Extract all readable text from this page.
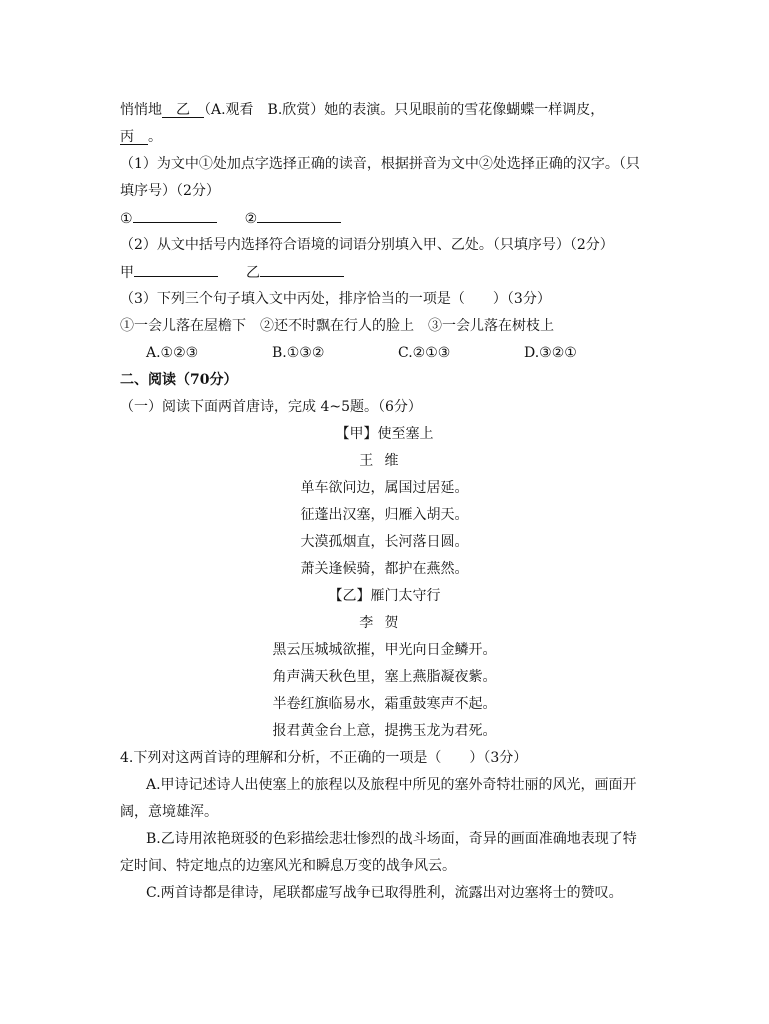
悄悄地　 乙　 （A.观看　B.欣赏）她的表演。只见眼前的雪花像蝴蝶一样调皮，
丙　 。
（1）为文中①处加点字选择正确的读音，根据拼音为文中②处选择正确的汉字。（只
填序号）（2分）
①	②
（2）从文中括号内选择符合语境的词语分别填入甲、乙处。（只填序号）（2分）
甲	乙
（3）下列三个句子填入文中丙处，排序恰当的一项是（　　）（3分）
①一会儿落在屋檐下　②还不时飘在行人的脸上　③一会儿落在树枝上
A.①②③	B.①③②	C.②①③	D.③②①
二、阅读（70分）
（一）阅读下面两首唐诗，完成 4~5题。（6分）
【甲】使至塞上
王维
单车欲问边，属国过居延。
征蓬出汉塞，归雁入胡天。
大漠孤烟直，长河落日圆。
萧关逢候骑，都护在燕然。
【乙】雁门太守行
李贺
黑云压城城欲摧，甲光向日金鳞开。
角声满天秋色里，塞上燕脂凝夜紫。
半卷红旗临易水，霜重鼓寒声不起。
报君黄金台上意，提携玉龙为君死。
4.下列对这两首诗的理解和分析，不正确的一项是（　　）（3分）
A.甲诗记述诗人出使塞上的旅程以及旅程中所见的塞外奇特壮丽的风光，画面开
阔，意境雄浑。
B.乙诗用浓艳斑驳的色彩描绘悲壮惨烈的战斗场面，奇异的画面准确地表现了特
定时间、特定地点的边塞风光和瞬息万变的战争风云。
C.两首诗都是律诗，尾联都虚写战争已取得胜利，流露出对边塞将士的赞叹。
